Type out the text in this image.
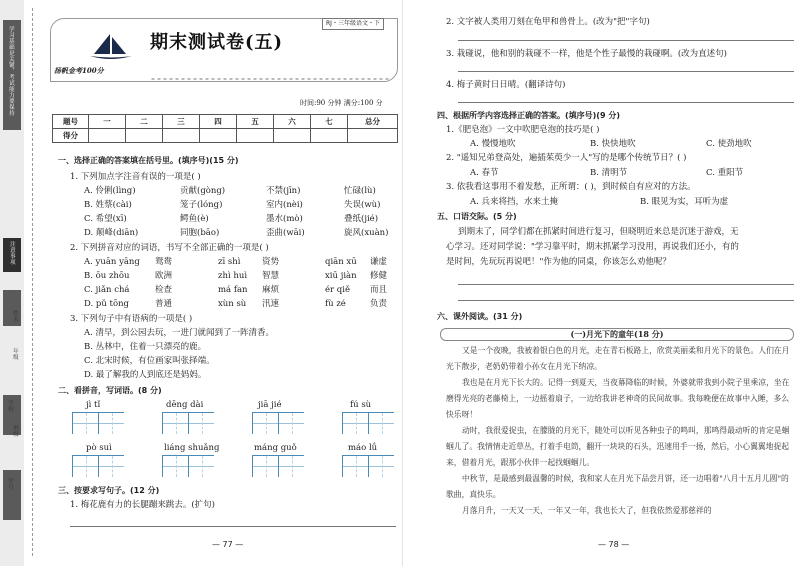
学习基础是关键，考试能力要保持
注意事项
学校
年级
班级
姓名
学号
扬帆金考100分
RJ・三年级语文・下
期末测试卷(五)
时间:90 分钟 满分:100 分
题号	一	二	三	四	五	六	七	总分
得分								
一、选择正确的答案填在括号里。(填序号)(15 分)
1. 下列加点字注音有误的一项是( )
A. 伶俐(lìng)	贡献(gòng)	不禁(jīn)	忙碌(lù)
B. 姓蔡(cài)	笼子(lóng)	室内(nèi)	失误(wù)
C. 希望(xī)	鳄鱼(è)	墨水(mò)	叠纸(jié)
D. 颠峰(diān)	同胞(bāo)	歪曲(wāi)	旋风(xuàn)
2. 下列拼音对应的词语，书写不全部正确的一项是( )
A. yuān yāng 鸳鸯	zī shì	资势	qiān xū 谦虚
B. ōu zhōu	欧洲	zhì huì 智慧	xiū jiàn 修健
C. jiǎn chá	检查	má fan 麻烦	ér qiě 而且
D. pǔ tōng	普通	xùn sù 汛速	fù zé	负责
3. 下列句子中有语病的一项是( )
A. 清早，到公园去玩，一进门就闻到了一阵清香。
B. 丛林中，住着一只漂亮的鹿。
C. 北宋时候，有位画家叫张择端。
D. 最了解我的人到底还是妈妈。
二、看拼音，写词语。(8 分)
jì tǐ	dēng dài	jiā jié	fú sù
pò suì	liáng shuǎng	máng guǒ	máo lǘ
三、按要求写句子。(12 分)
1. 梅花鹿有力的长腿蹦来跳去。(扩句)
— 77 —
2. 文字被人类用刀刻在龟甲和兽骨上。(改为"把"字句)
3. 栽碰说，他和别的栽碰不一样，他是个性子最慢的栽碰啊。(改为直述句)
4. 梅子黄时日日晴。(翻译诗句)
四、根据所学内容选择正确的答案。(填序号)(9 分)
1.《肥皂泡》一文中吹肥皂泡的技巧是( )
A. 慢慢地吹	B. 快快地吹	C. 使劲地吹
2. "遥知兄弟登高处，遍插茱萸少一人"写的是哪个传统节日？( )
A. 春节	B. 清明节	C. 重阳节
3. 依我看这事用不着发愁，正所谓：( )，到时候自有应对的方法。
A. 兵来将挡，水来土掩	B. 眼见为实，耳听为虚
五、口语交际。(5 分)
到期末了，同学们都在抓紧时间进行复习，但晓明近来总是沉迷于游戏，无
心学习。还对同学说："学习靠平时，期末抓紧学习没用，再说我们还小，有的
是时间，先玩玩再说吧！"作为他的同桌，你该怎么劝他呢？
六、课外阅读。(31 分)
(一)月光下的童年(18 分)
又是一个夜晚，我被着银白色的月光，走在青石板路上，欣赏美丽柔和月光下的景色。人们在月光下散步，老奶奶带着小孙女在月光下纳凉。
我也是在月光下长大的。记得一到夏天，当夜幕降临的时候，外婆就带我到小院子里乘凉，坐在磨得光亮的老藤椅上，一边摇着扇子，一边给我讲老神奇的民间故事。我每晚便在故事中入睡，多么快乐呀！
动时，我很爱捉虫，在朦胧的月光下，随处可以听见各种虫子的鸣叫，那鸣得最动听的肯定是蝈蝈儿了。我情情走近草丛，打着手电筒，翻开一块块的石头，迅速用手一扬，然后，小心翼翼地捉起来，借着月光，跟那小伙伴一起找蝈蝈儿。
中秋节，是最感到最温馨的时候，我和家人在月光下品尝月饼，还一边唱着"八月十五月儿圆"的歌曲，真快乐。
月落月升，一天又一天，一年又一年，我也长大了，但我依然爱那慈祥的
— 78 —
